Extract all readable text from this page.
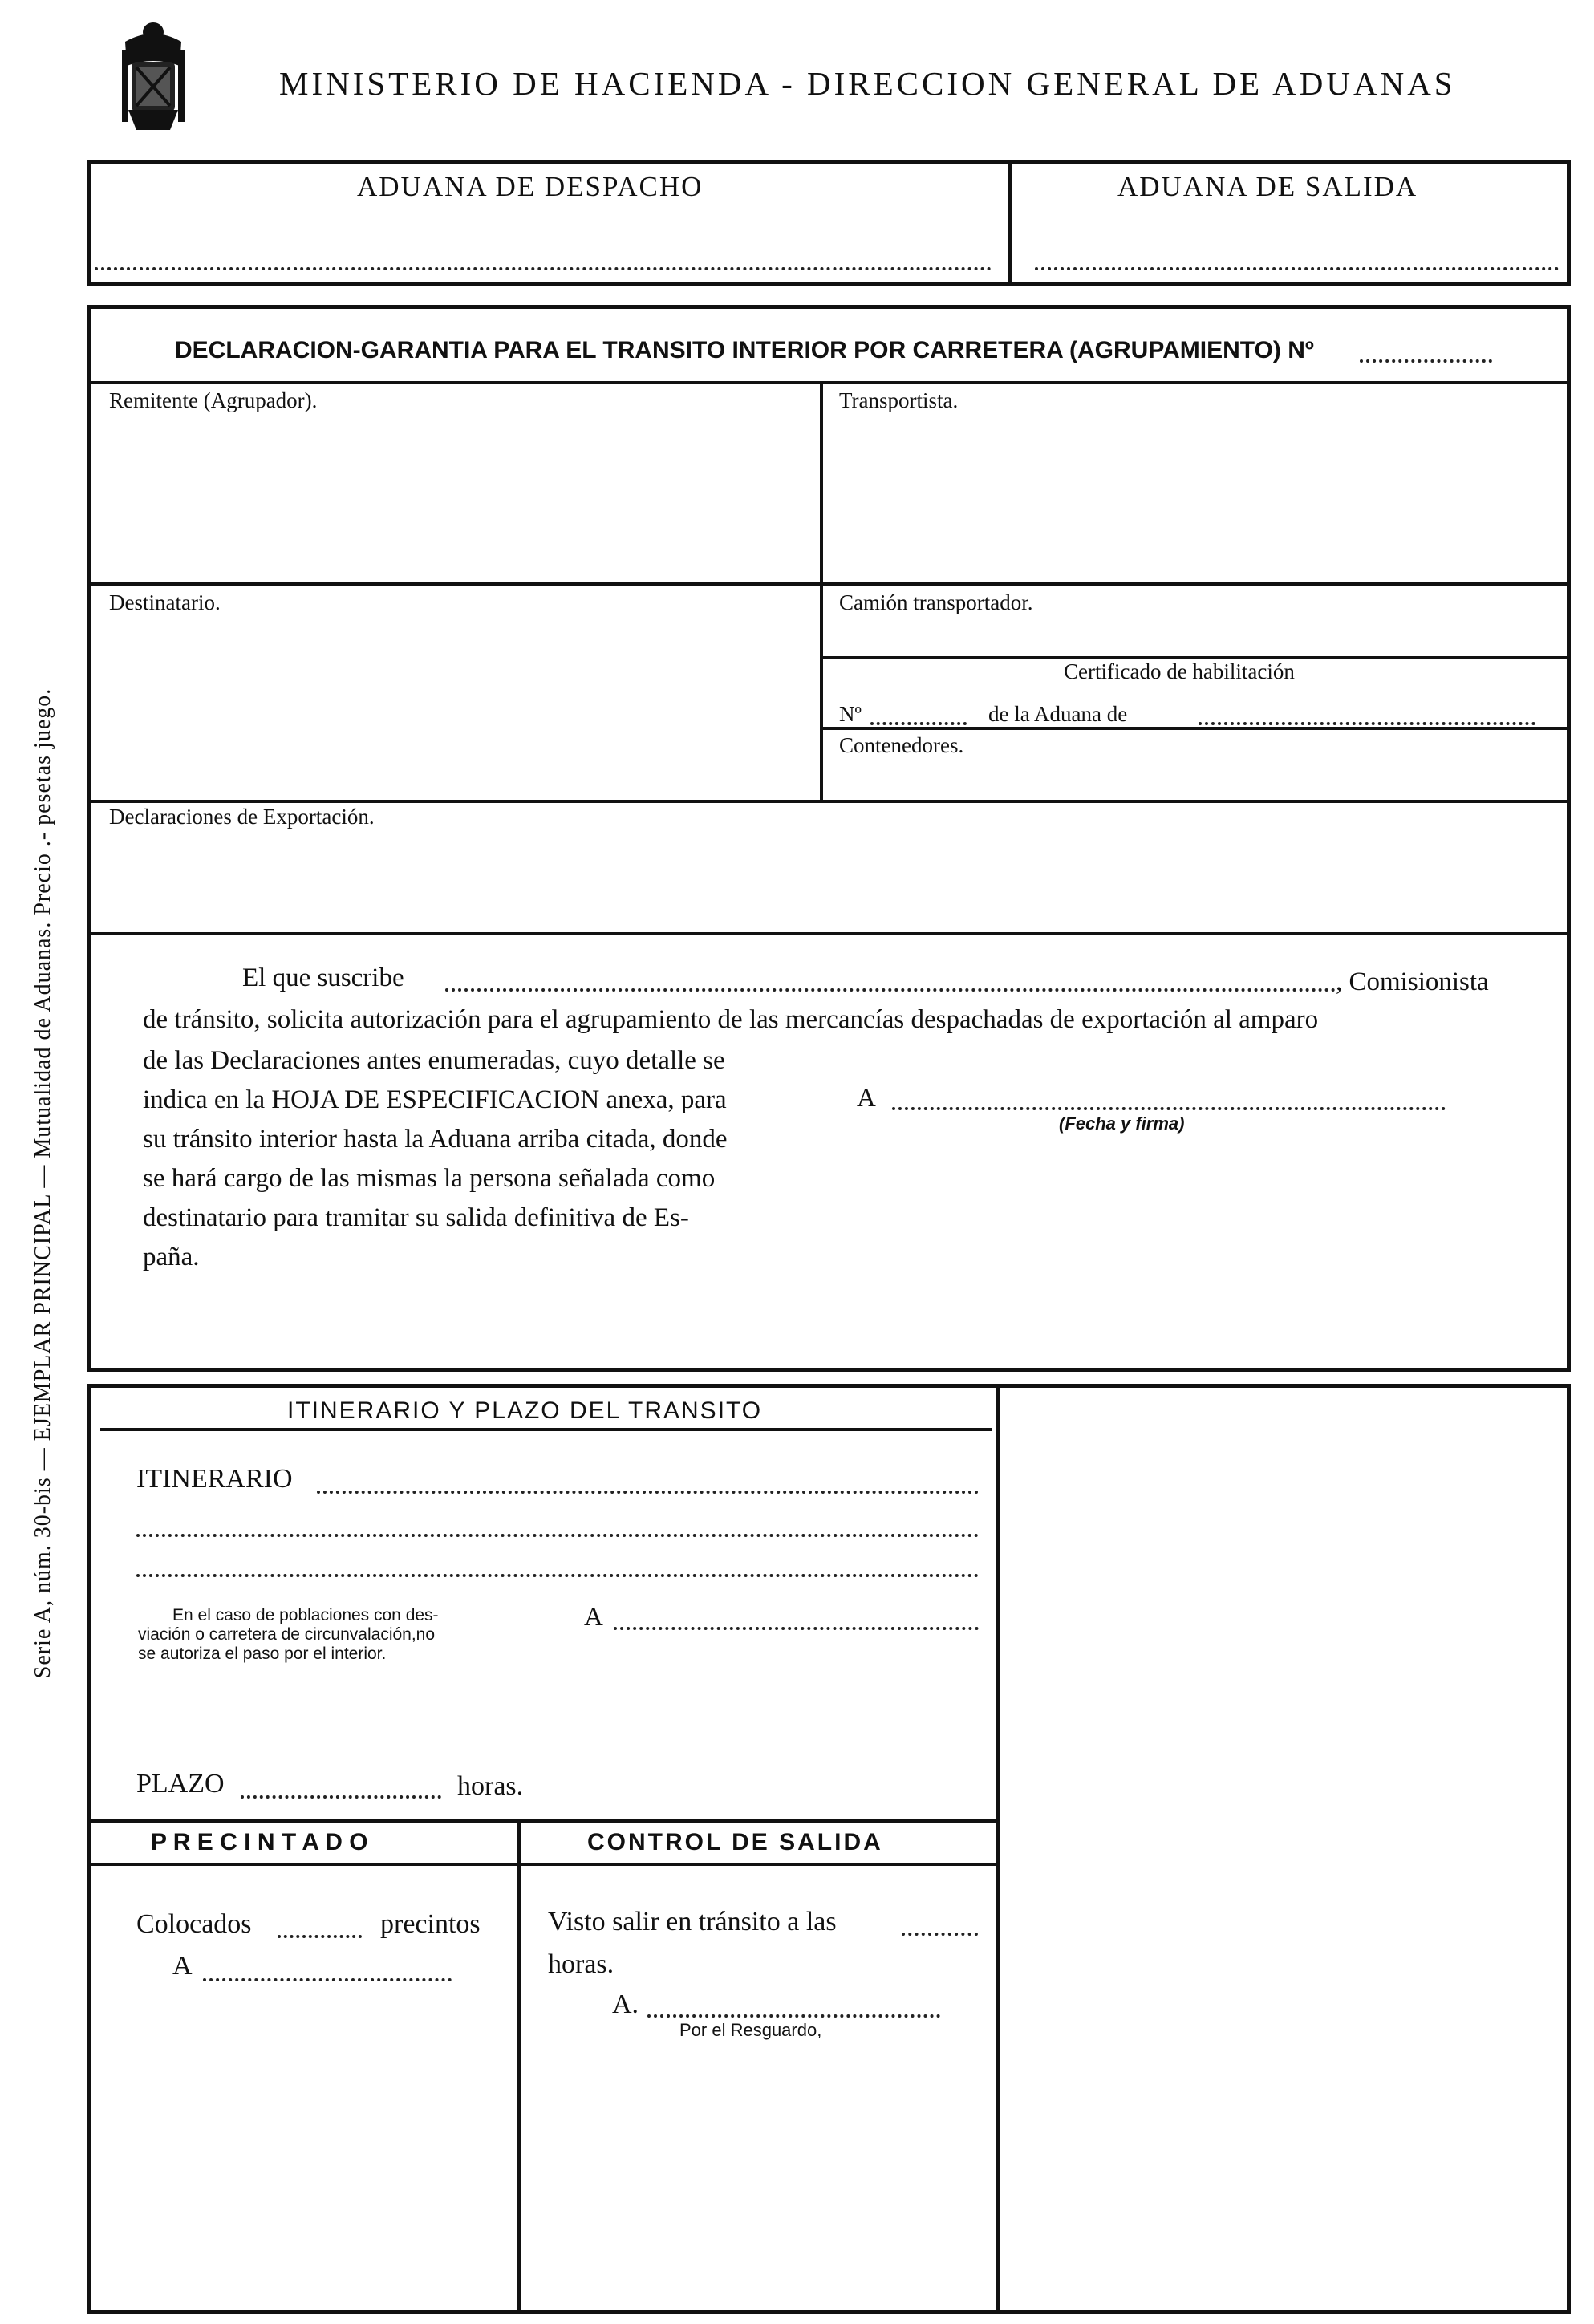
MINISTERIO DE HACIENDA - DIRECCION GENERAL DE ADUANAS
Serie A, núm. 30-bis — EJEMPLAR PRINCIPAL — Mutualidad de Aduanas. Precio .- pesetas juego.
ADUANA DE DESPACHO	ADUANA DE SALIDA
DECLARACION-GARANTIA PARA EL TRANSITO INTERIOR POR CARRETERA (AGRUPAMIENTO) Nº
Remitente (Agrupador).	Transportista.
Destinatario.	Camión transportador.
Certificado de habilitación
Nº	de la Aduana de
Contenedores.
Declaraciones de Exportación.
El que suscribe	, Comisionista
de tránsito, solicita autorización para el agrupamiento de las mercancías despachadas de exportación al amparo
de las Declaraciones antes enumeradas, cuyo detalle se
indica en la HOJA DE ESPECIFICACION anexa, para
su tránsito interior hasta la Aduana arriba citada, donde
se hará cargo de las mismas la persona señalada como
destinatario para tramitar su salida definitiva de Es-
paña.
A
(Fecha y firma)
ITINERARIO Y PLAZO DEL TRANSITO
ITINERARIO
En el caso de poblaciones con des-
viación o carretera de circunvalación,no
se autoriza el paso por el interior.
A
PLAZO	horas.
P R E C I N T A D O
Colocados	precintos
A
CONTROL DE SALIDA
Visto salir en tránsito a las
horas.
A.
Por el Resguardo,
